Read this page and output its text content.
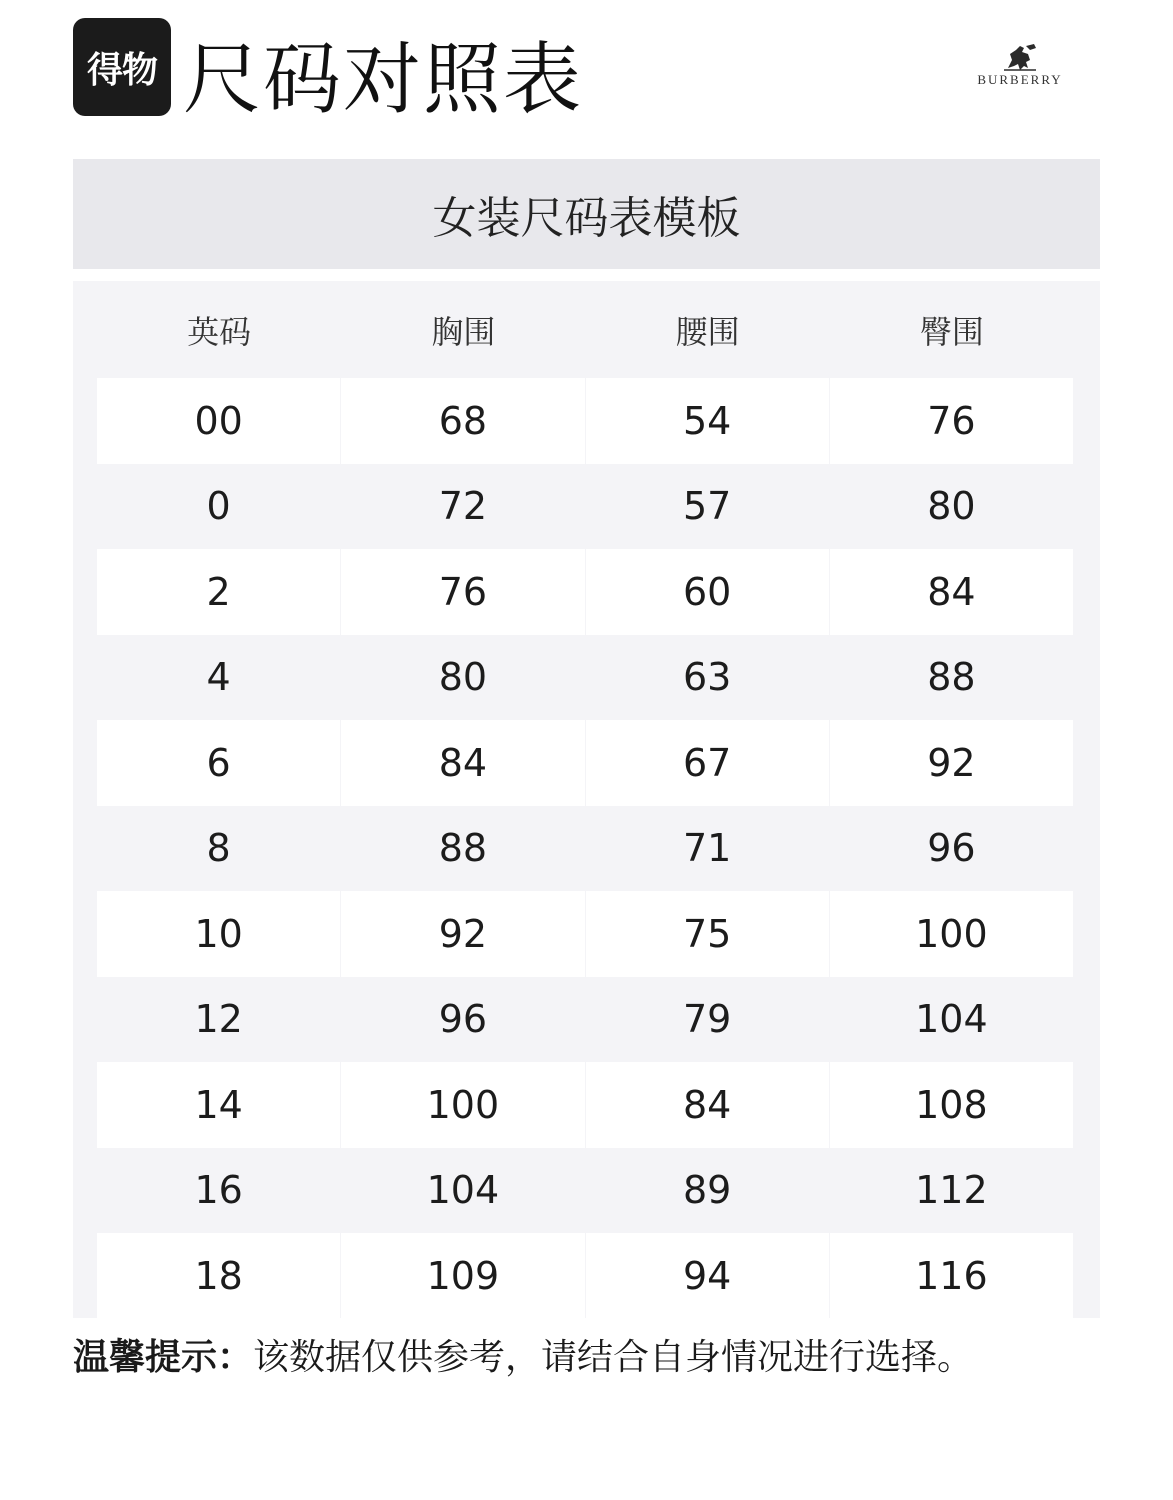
得物 尺码对照表	BURBERRY
女装尺码表模板
英码	胸围	腰围	臀围
00	68	54	76
0	72	57	80
2	76	60	84
4	80	63	88
6	84	67	92
8	88	71	96
10	92	75	100
12	96	79	104
14	100	84	108
16	104	89	112
18	109	94	116
温馨提示：该数据仅供参考，请结合自身情况进行选择。
